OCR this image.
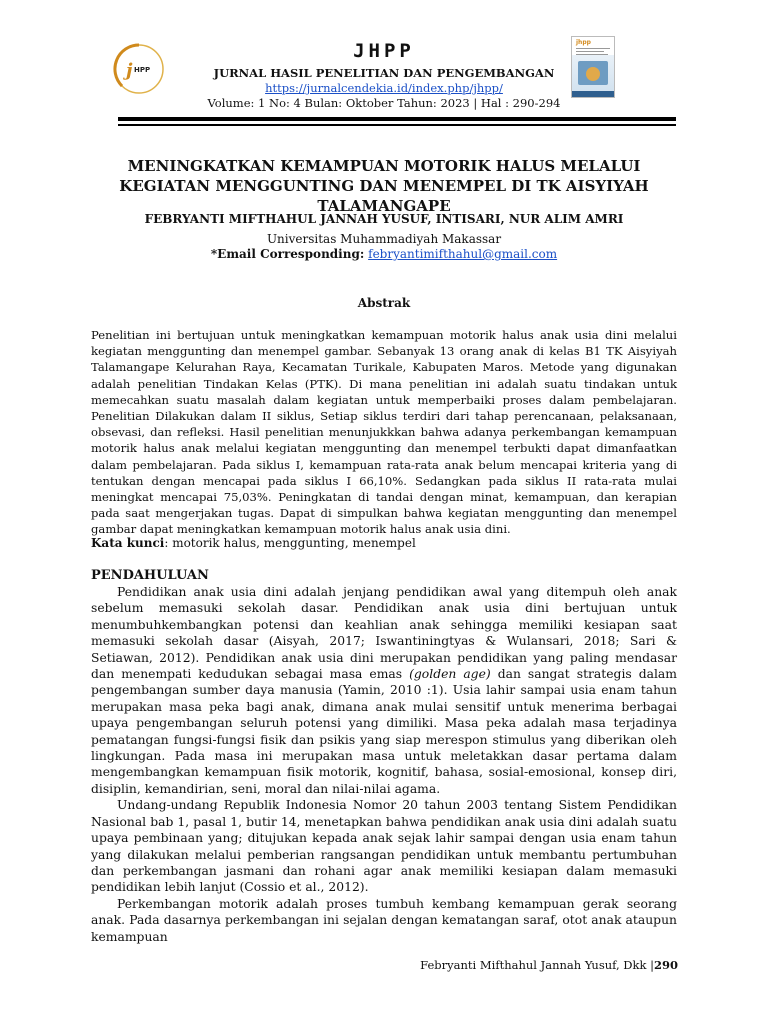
j HPP
jhpp
JHPP
JURNAL HASIL PENELITIAN DAN PENGEMBANGAN
https://jurnalcendekia.id/index.php/jhpp/
Volume: 1 No: 4 Bulan: Oktober Tahun: 2023 | Hal : 290-294
MENINGKATKAN KEMAMPUAN MOTORIK HALUS MELALUI KEGIATAN MENGGUNTING DAN MENEMPEL DI TK AISYIYAH TALAMANGAPE
FEBRYANTI MIFTHAHUL JANNAH YUSUF, INTISARI, NUR ALIM AMRI
Universitas Muhammadiyah Makassar
*Email Corresponding: febryantimifthahul@gmail.com
Abstrak
Penelitian ini bertujuan untuk meningkatkan kemampuan motorik halus anak usia dini melalui kegiatan menggunting dan menempel gambar. Sebanyak 13 orang anak di kelas B1 TK Aisyiyah Talamangape Kelurahan Raya, Kecamatan Turikale, Kabupaten Maros. Metode yang digunakan adalah penelitian Tindakan Kelas (PTK). Di mana penelitian ini adalah suatu tindakan untuk memecahkan suatu masalah dalam kegiatan untuk memperbaiki proses dalam pembelajaran. Penelitian Dilakukan dalam II siklus, Setiap siklus terdiri dari tahap perencanaan, pelaksanaan, obsevasi, dan refleksi. Hasil penelitian menunjukkkan bahwa adanya perkembangan kemampuan motorik halus anak melalui kegiatan menggunting dan menempel terbukti dapat dimanfaatkan dalam pembelajaran. Pada siklus I, kemampuan rata-rata anak belum mencapai kriteria yang di tentukan dengan mencapai pada siklus I 66,10%. Sedangkan pada siklus II rata-rata mulai meningkat mencapai 75,03%. Peningkatan di tandai dengan minat, kemampuan, dan kerapian pada saat mengerjakan tugas. Dapat di simpulkan bahwa kegiatan menggunting dan menempel gambar dapat meningkatkan kemampuan motorik halus anak usia dini.
Kata kunci: motorik halus, menggunting, menempel
PENDAHULUAN

Pendidikan anak usia dini adalah jenjang pendidikan awal yang ditempuh oleh anak sebelum memasuki sekolah dasar. Pendidikan anak usia dini bertujuan untuk menumbuhkembangkan potensi dan keahlian anak sehingga memiliki kesiapan saat memasuki sekolah dasar (Aisyah, 2017; Iswantiningtyas & Wulansari, 2018; Sari & Setiawan, 2012). Pendidikan anak usia dini merupakan pendidikan yang paling mendasar dan menempati kedudukan sebagai masa emas (golden age) dan sangat strategis dalam pengembangan sumber daya manusia (Yamin, 2010 :1). Usia lahir sampai usia enam tahun merupakan masa peka bagi anak, dimana anak mulai sensitif untuk menerima berbagai upaya pengembangan seluruh potensi yang dimiliki. Masa peka adalah masa terjadinya pematangan fungsi-fungsi fisik dan psikis yang siap merespon stimulus yang diberikan oleh lingkungan. Pada masa ini merupakan masa untuk meletakkan dasar pertama dalam mengembangkan kemampuan fisik motorik, kognitif, bahasa, sosial-emosional, konsep diri, disiplin, kemandirian, seni, moral dan nilai-nilai agama.

Undang-undang Republik Indonesia Nomor 20 tahun 2003 tentang Sistem Pendidikan Nasional bab 1, pasal 1, butir 14, menetapkan bahwa pendidikan anak usia dini adalah suatu upaya pembinaan yang; ditujukan kepada anak sejak lahir sampai dengan usia enam tahun yang dilakukan melalui pemberian rangsangan pendidikan untuk membantu pertumbuhan dan perkembangan jasmani dan rohani agar anak memiliki kesiapan dalam memasuki pendidikan lebih lanjut (Cossio et al., 2012).

Perkembangan motorik adalah proses tumbuh kembang kemampuan gerak seorang anak. Pada dasarnya perkembangan ini sejalan dengan kematangan saraf, otot anak ataupun kemampuan

Febryanti Mifthahul Jannah Yusuf, Dkk |290
